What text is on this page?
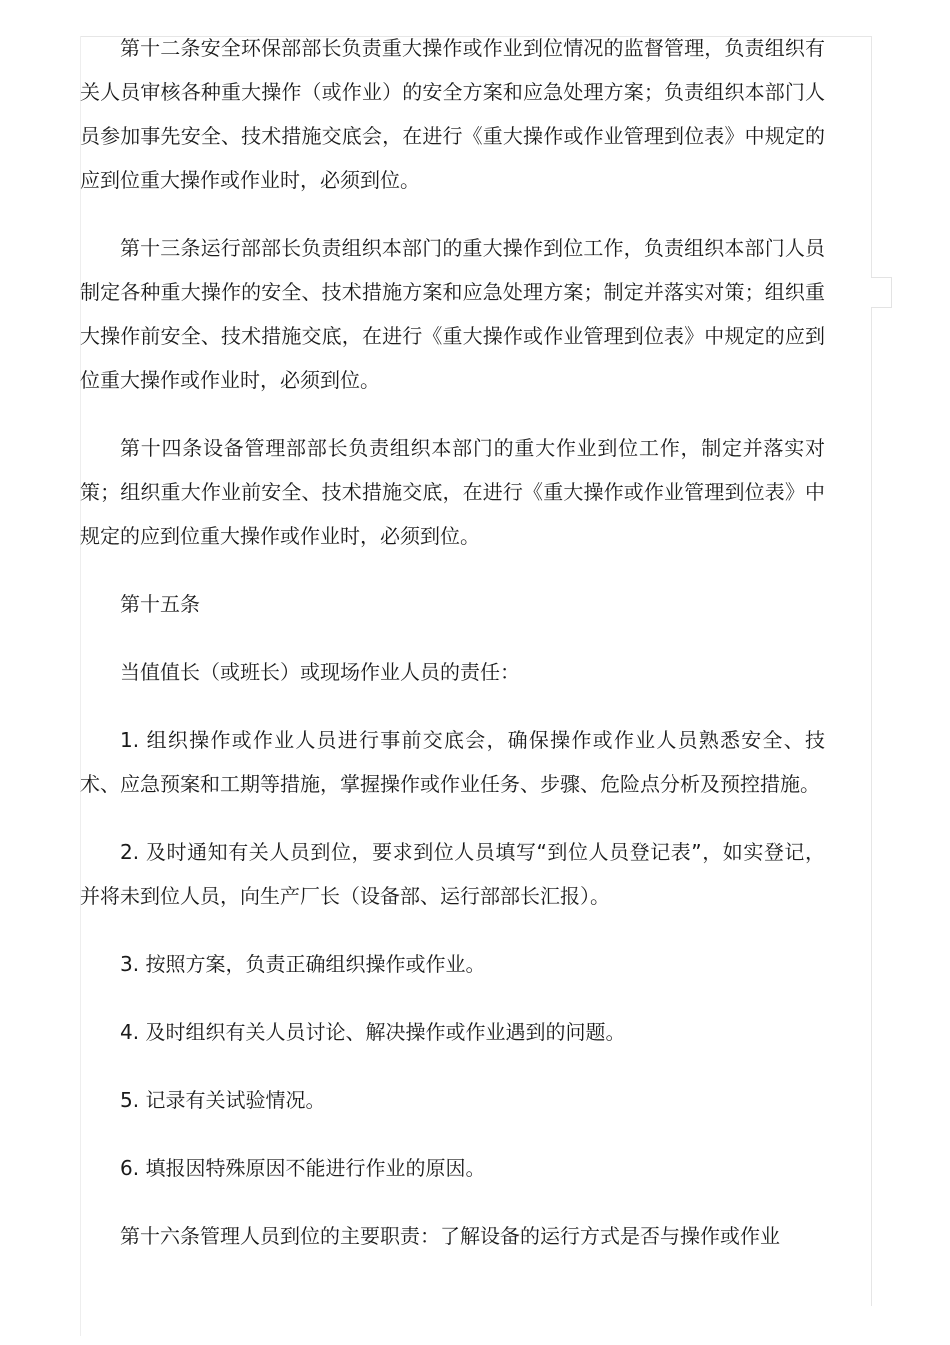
第十二条安全环保部部长负责重大操作或作业到位情况的监督管理，负责组织有关人员审核各种重大操作（或作业）的安全方案和应急处理方案；负责组织本部门人员参加事先安全、技术措施交底会，在进行《重大操作或作业管理到位表》中规定的应到位重大操作或作业时，必须到位。

第十三条运行部部长负责组织本部门的重大操作到位工作，负责组织本部门人员制定各种重大操作的安全、技术措施方案和应急处理方案；制定并落实对策；组织重大操作前安全、技术措施交底，在进行《重大操作或作业管理到位表》中规定的应到位重大操作或作业时，必须到位。

第十四条设备管理部部长负责组织本部门的重大作业到位工作，制定并落实对策；组织重大作业前安全、技术措施交底，在进行《重大操作或作业管理到位表》中规定的应到位重大操作或作业时，必须到位。

第十五条

当值值长（或班长）或现场作业人员的责任：

1. 组织操作或作业人员进行事前交底会，确保操作或作业人员熟悉安全、技术、应急预案和工期等措施，掌握操作或作业任务、步骤、危险点分析及预控措施。

2. 及时通知有关人员到位，要求到位人员填写“到位人员登记表”，如实登记，并将未到位人员，向生产厂长（设备部、运行部部长汇报）。

3. 按照方案，负责正确组织操作或作业。

4. 及时组织有关人员讨论、解决操作或作业遇到的问题。

5. 记录有关试验情况。

6. 填报因特殊原因不能进行作业的原因。

第十六条管理人员到位的主要职责：了解设备的运行方式是否与操作或作业
